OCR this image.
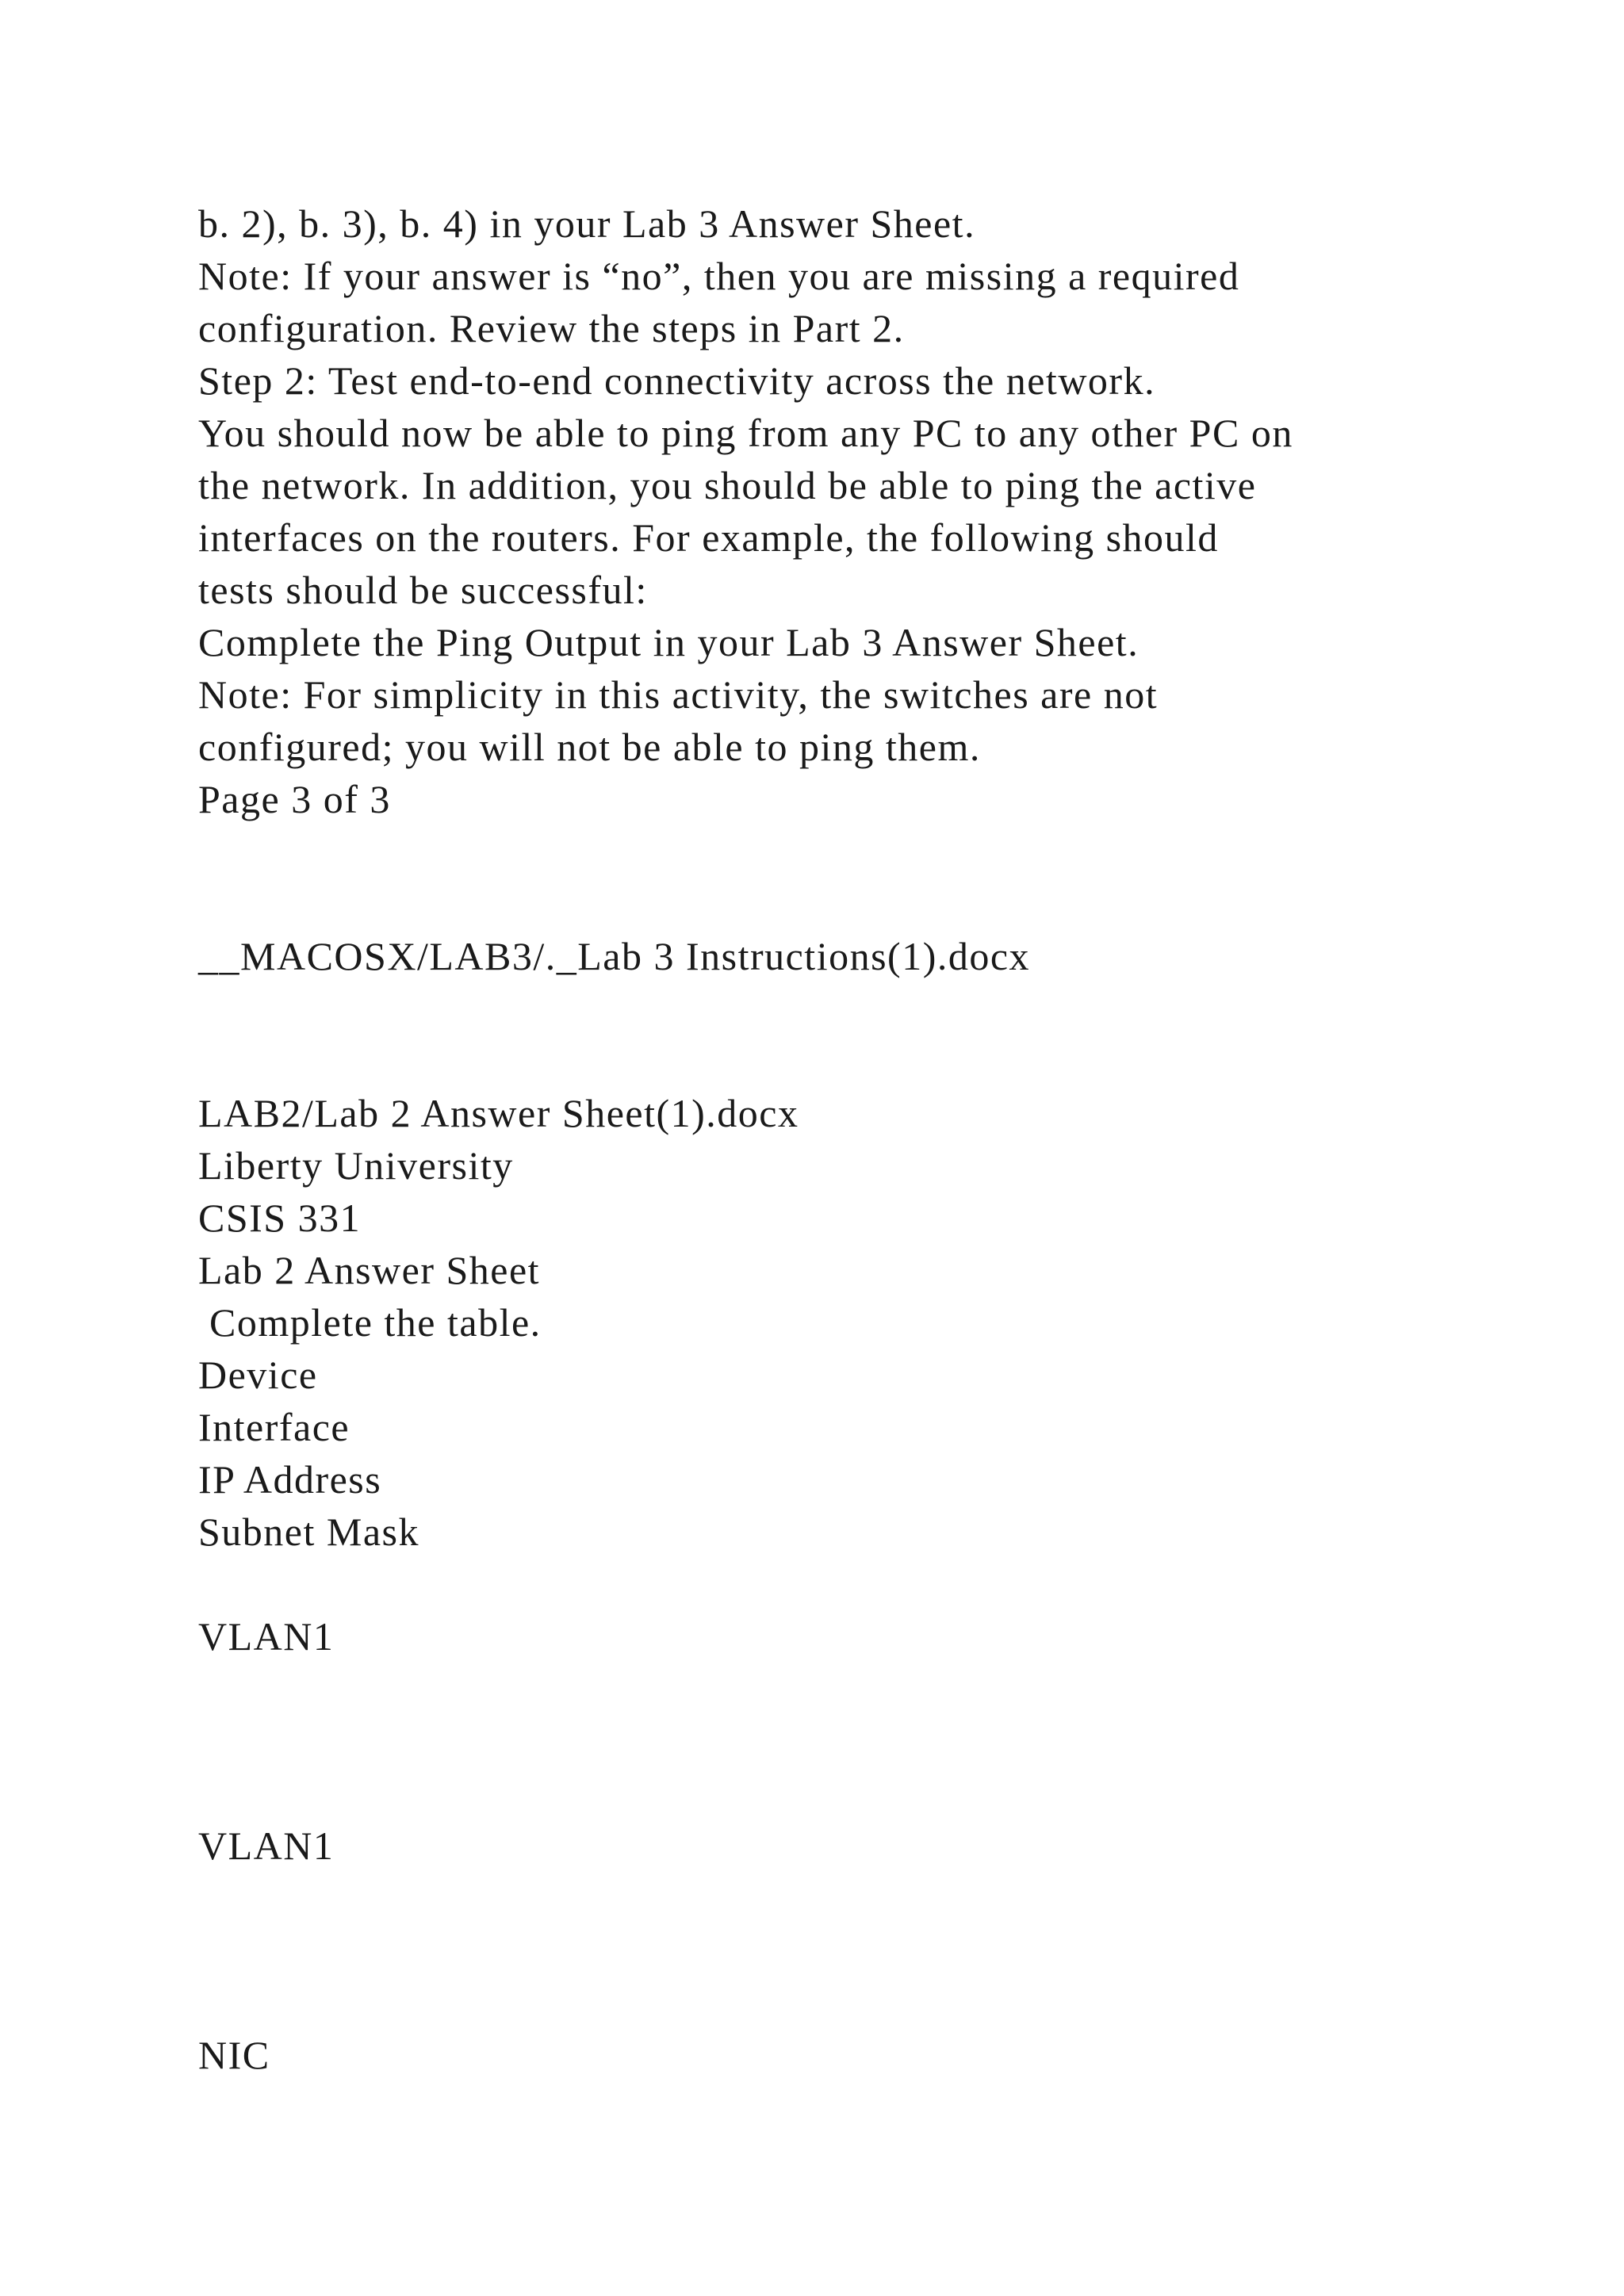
b. 2), b. 3), b. 4) in your Lab 3 Answer Sheet.
Note: If your answer is “no”, then you are missing a required
configuration. Review the steps in Part 2.
Step 2: Test end-to-end connectivity across the network.
You should now be able to ping from any PC to any other PC on
the network. In addition, you should be able to ping the active
interfaces on the routers. For example, the following should
tests should be successful:
Complete the Ping Output in your Lab 3 Answer Sheet.
Note: For simplicity in this activity, the switches are not
configured; you will not be able to ping them.
Page 3 of 3
__MACOSX/LAB3/._Lab 3 Instructions(1).docx
LAB2/Lab 2 Answer Sheet(1).docx
Liberty University
CSIS 331
Lab 2 Answer Sheet
Complete the table.
Device
Interface
IP Address
Subnet Mask
VLAN1
VLAN1
NIC
